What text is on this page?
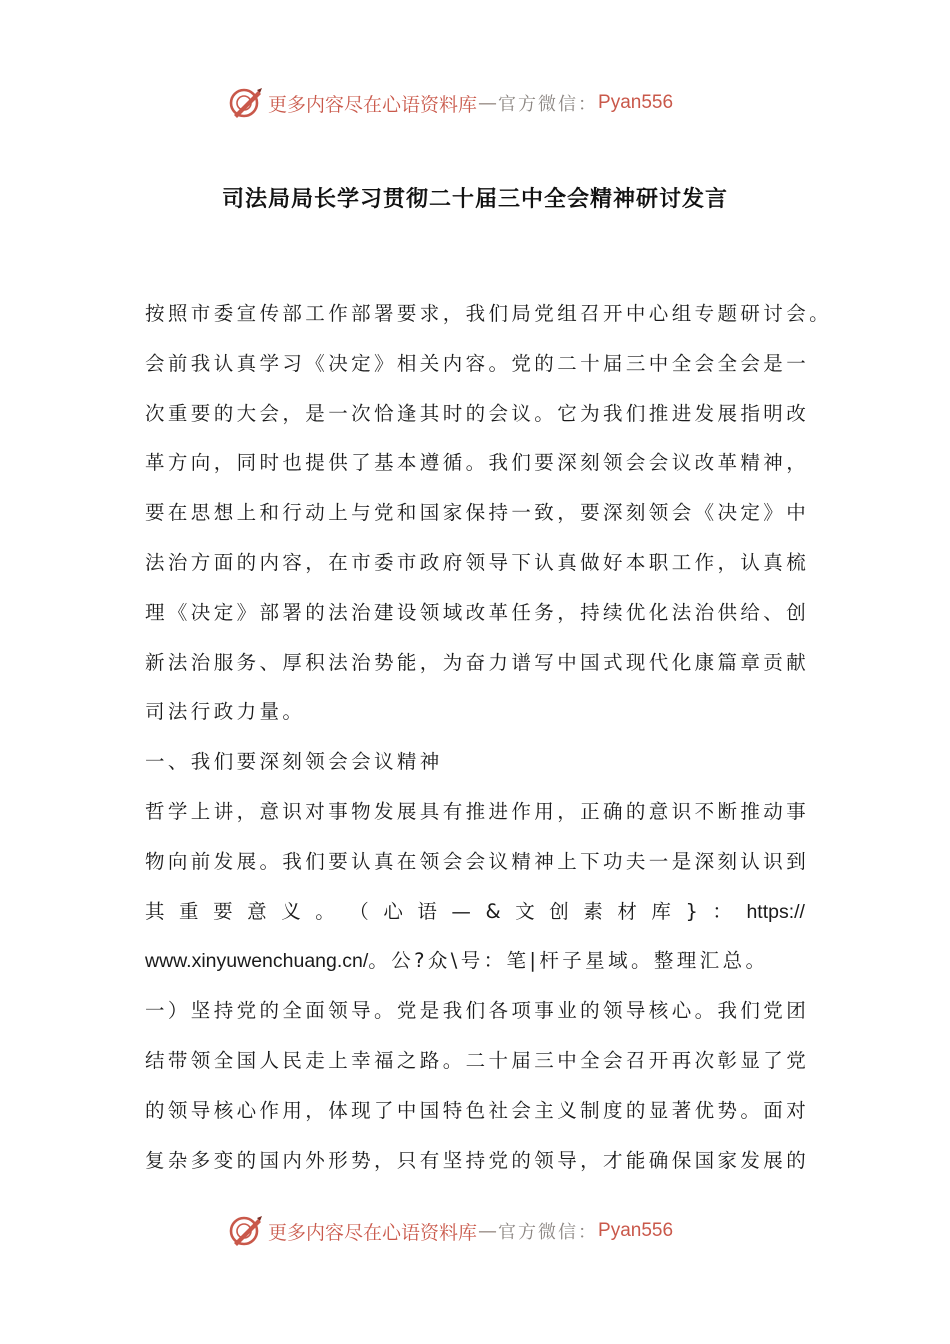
更多内容尽在心语资料库 — 官方微信： Pyan556
司法局局长学习贯彻二十届三中全会精神研讨发言
按照市委宣传部工作部署要求，我们局党组召开中心组专题研讨会。
会前我认真学习《决定》相关内容。党的二十届三中全会全会是一
次重要的大会，是一次恰逢其时的会议。它为我们推进发展指明改
革方向，同时也提供了基本遵循。我们要深刻领会会议改革精神，
要在思想上和行动上与党和国家保持一致，要深刻领会《决定》中
法治方面的内容，在市委市政府领导下认真做好本职工作，认真梳
理《决定》部署的法治建设领域改革任务，持续优化法治供给、创
新法治服务、厚积法治势能，为奋力谱写中国式现代化康篇章贡献
司法行政力量。
一、我们要深刻领会会议精神
哲学上讲，意识对事物发展具有推进作用，正确的意识不断推动事
物向前发展。我们要认真在领会会议精神上下功夫一是深刻认识到
其 重 要 意 义 。 （ 心 语 — & 文 创 素 材 库 } ： https://
www.xinyuwenchuang.cn/。公?众\号：笔|杆子星域。整理汇总。
一）坚持党的全面领导。党是我们各项事业的领导核心。我们党团
结带领全国人民走上幸福之路。二十届三中全会召开再次彰显了党
的领导核心作用，体现了中国特色社会主义制度的显著优势。面对
复杂多变的国内外形势，只有坚持党的领导，才能确保国家发展的
更多内容尽在心语资料库 — 官方微信： Pyan556
